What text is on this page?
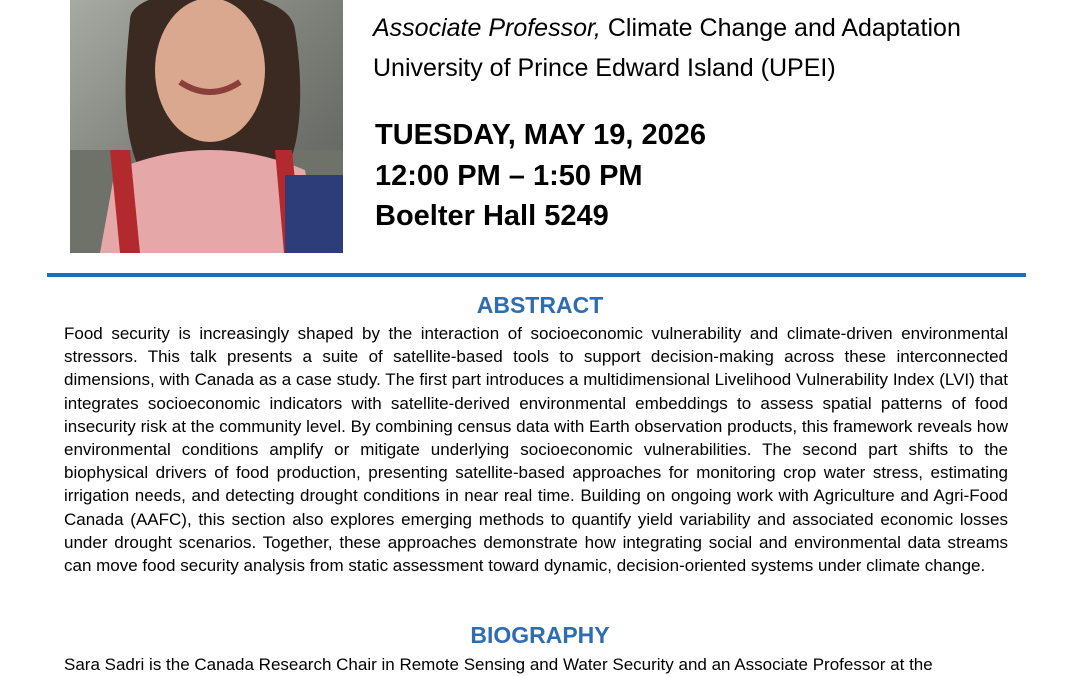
Associate Professor, Climate Change and Adaptation
University of Prince Edward Island (UPEI)
TUESDAY, MAY 19, 2026
12:00 PM – 1:50 PM
Boelter Hall 5249
ABSTRACT
Food security is increasingly shaped by the interaction of socioeconomic vulnerability and climate-driven environmental stressors. This talk presents a suite of satellite-based tools to support decision-making across these interconnected dimensions, with Canada as a case study. The first part introduces a multidimensional Livelihood Vulnerability Index (LVI) that integrates socioeconomic indicators with satellite-derived environmental embeddings to assess spatial patterns of food insecurity risk at the community level. By combining census data with Earth observation products, this framework reveals how environmental conditions amplify or mitigate underlying socioeconomic vulnerabilities. The second part shifts to the biophysical drivers of food production, presenting satellite-based approaches for monitoring crop water stress, estimating irrigation needs, and detecting drought conditions in near real time. Building on ongoing work with Agriculture and Agri-Food Canada (AAFC), this section also explores emerging methods to quantify yield variability and associated economic losses under drought scenarios. Together, these approaches demonstrate how integrating social and environmental data streams can move food security analysis from static assessment toward dynamic, decision-oriented systems under climate change.
BIOGRAPHY
Sara Sadri is the Canada Research Chair in Remote Sensing and Water Security and an Associate Professor at the
